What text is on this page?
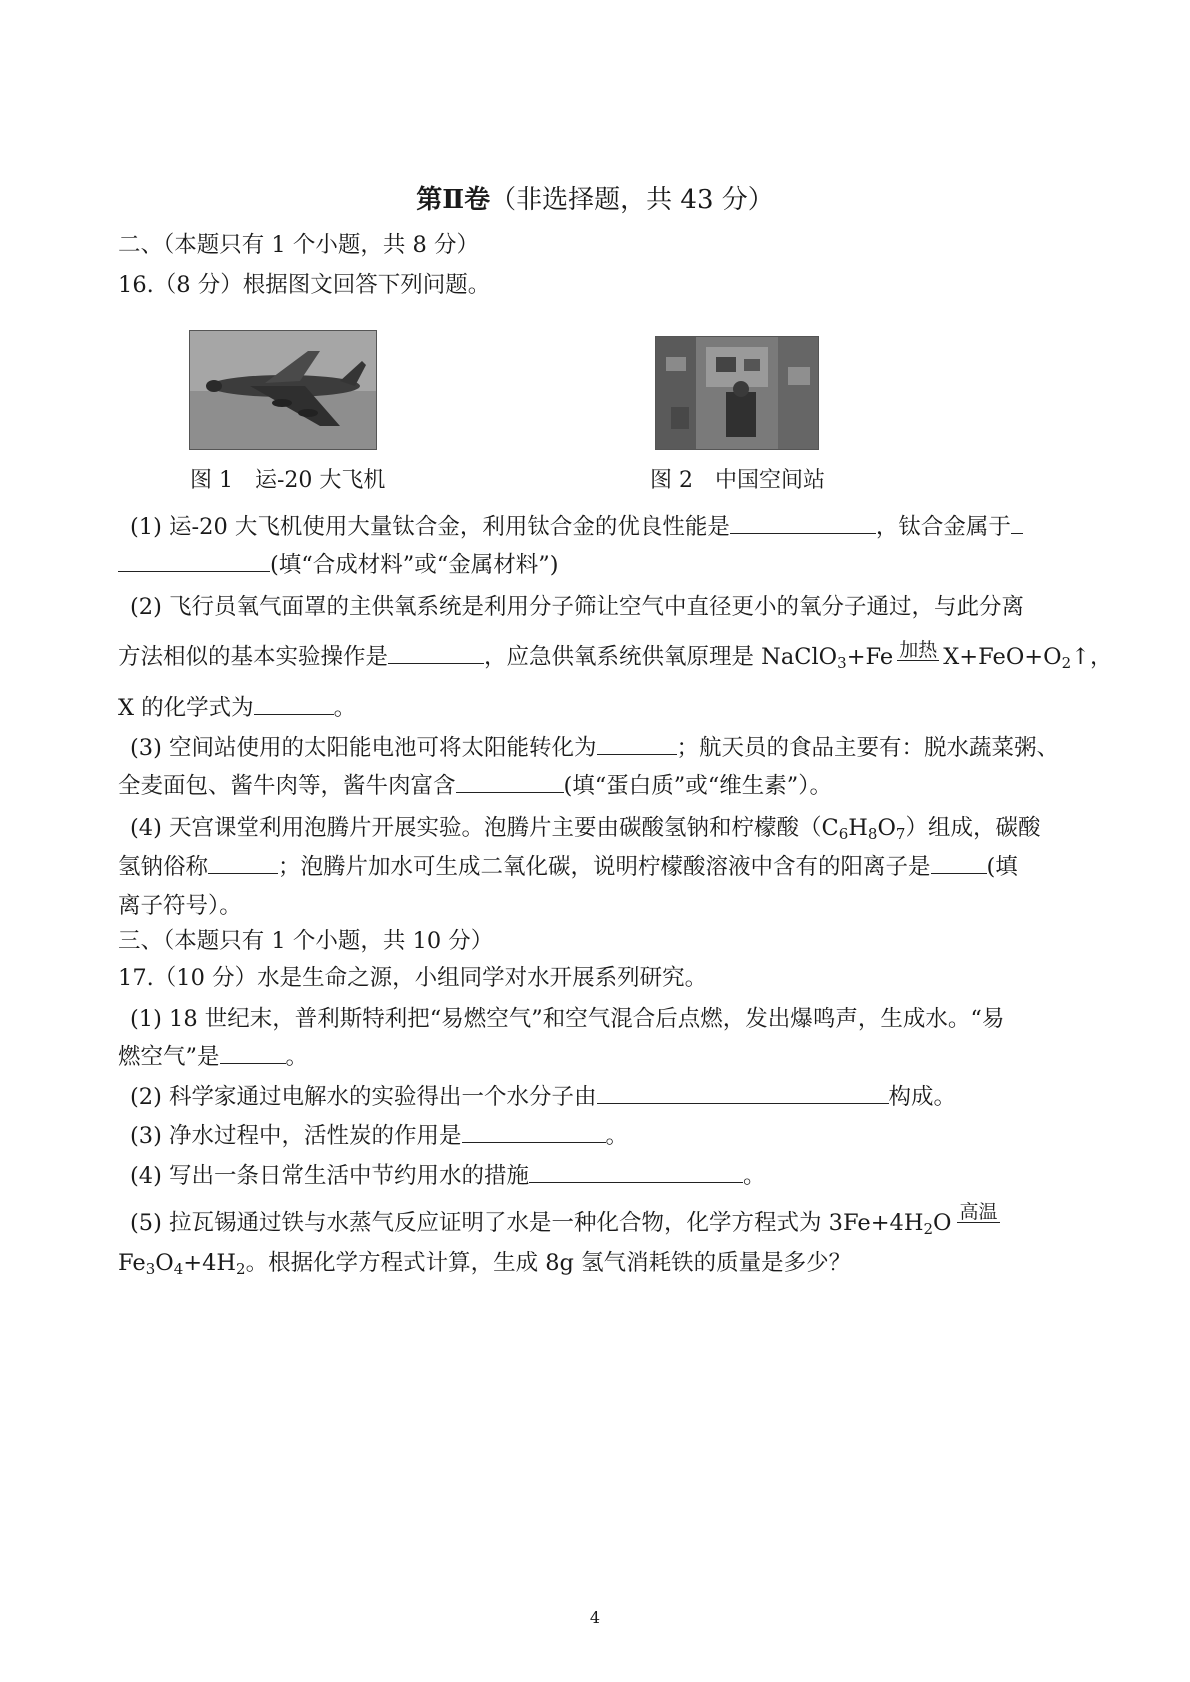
第Ⅱ卷（非选择题，共 43 分）
二、（本题只有 1 个小题，共 8 分）
16.（8 分）根据图文回答下列问题。
图 1　运-20 大飞机	图 2　中国空间站
(1) 运-20 大飞机使用大量钛合金，利用钛合金的优良性能是	，钛合金属于
(填“合成材料”或“金属材料”)
(2) 飞行员氧气面罩的主供氧系统是利用分子筛让空气中直径更小的氧分子通过，与此分离
方法相似的基本实验操作是	，应急供氧系统供氧原理是 NaClO$_3$+Fe 加热 $X+FeO+O_2↑$，
X 的化学式为	。
(3) 空间站使用的太阳能电池可将太阳能转化为	；航天员的食品主要有：脱水蔬菜粥、
全麦面包、酱牛肉等，酱牛肉富含	(填“蛋白质”或“维生素”）。
(4) 天宫课堂利用泡腾片开展实验。泡腾片主要由碳酸氢钠和柠檬酸$(C_6H_8O_7)$组成，碳酸
氢钠俗称	；泡腾片加水可生成二氧化碳，说明柠檬酸溶液中含有的阳离子是 (填
离子符号）。
三、（本题只有 1 个小题，共 10 分）
17.（10 分）水是生命之源，小组同学对水开展系列研究。
(1) 18 世纪末，普利斯特利把“易燃空气”和空气混合后点燃，发出爆鸣声，生成水。“易
燃空气”是	。
(2) 科学家通过电解水的实验得出一个水分子由	构成。
(3) 净水过程中，活性炭的作用是	。
(4) 写出一条日常生活中节约用水的措施	。
(5) 拉瓦锡通过铁与水蒸气反应证明了水是一种化合物，化学方程式为 $3Fe+4H_2O$ 高温
$Fe_3O_4+4H_2$。根据化学方程式计算，生成 8g 氢气消耗铁的质量是多少？
4
